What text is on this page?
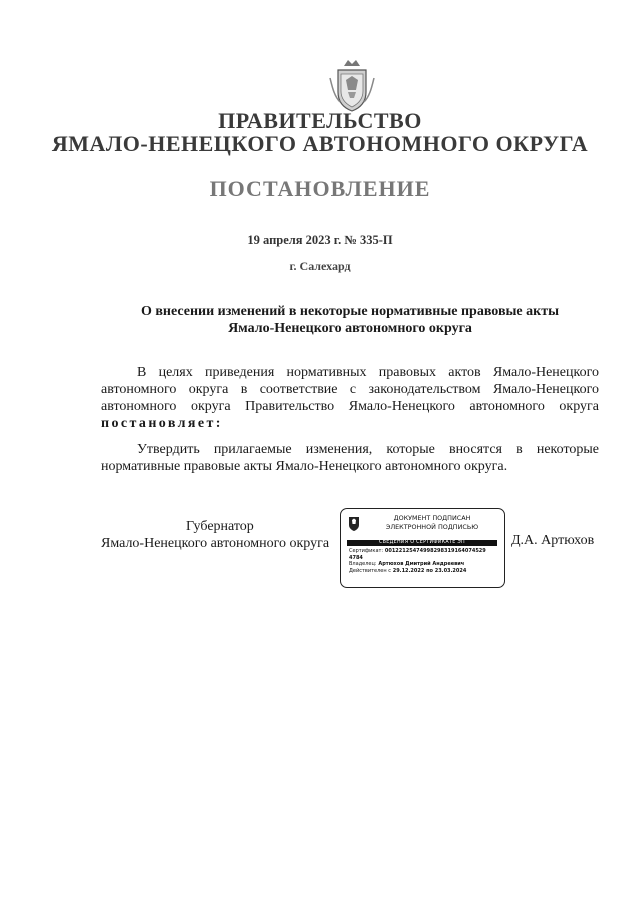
ПРАВИТЕЛЬСТВО
ЯМАЛО-НЕНЕЦКОГО АВТОНОМНОГО ОКРУГА
ПОСТАНОВЛЕНИЕ
19 апреля 2023 г. № 335-П
г. Салехард
О внесении изменений в некоторые нормативные правовые акты
Ямало-Ненецкого автономного округа
В целях приведения нормативных правовых актов Ямало-Ненецкого автономного округа в соответствие с законодательством Ямало-Ненецкого автономного округа Правительство Ямало-Ненецкого автономного округа постановляет:
Утвердить прилагаемые изменения, которые вносятся в некоторые нормативные правовые акты Ямало-Ненецкого автономного округа.
Губернатор
Ямало-Ненецкого автономного округа
ДОКУМЕНТ ПОДПИСАН
ЭЛЕКТРОННОЙ ПОДПИСЬЮ
СВЕДЕНИЯ О СЕРТИФИКАТЕ ЭП
Сертификат: 00122125474998298319164074529
4784
Владелец: Артюхов Дмитрий Андреевич
Действителен с 29.12.2022 по 23.03.2024
Д.А. Артюхов
